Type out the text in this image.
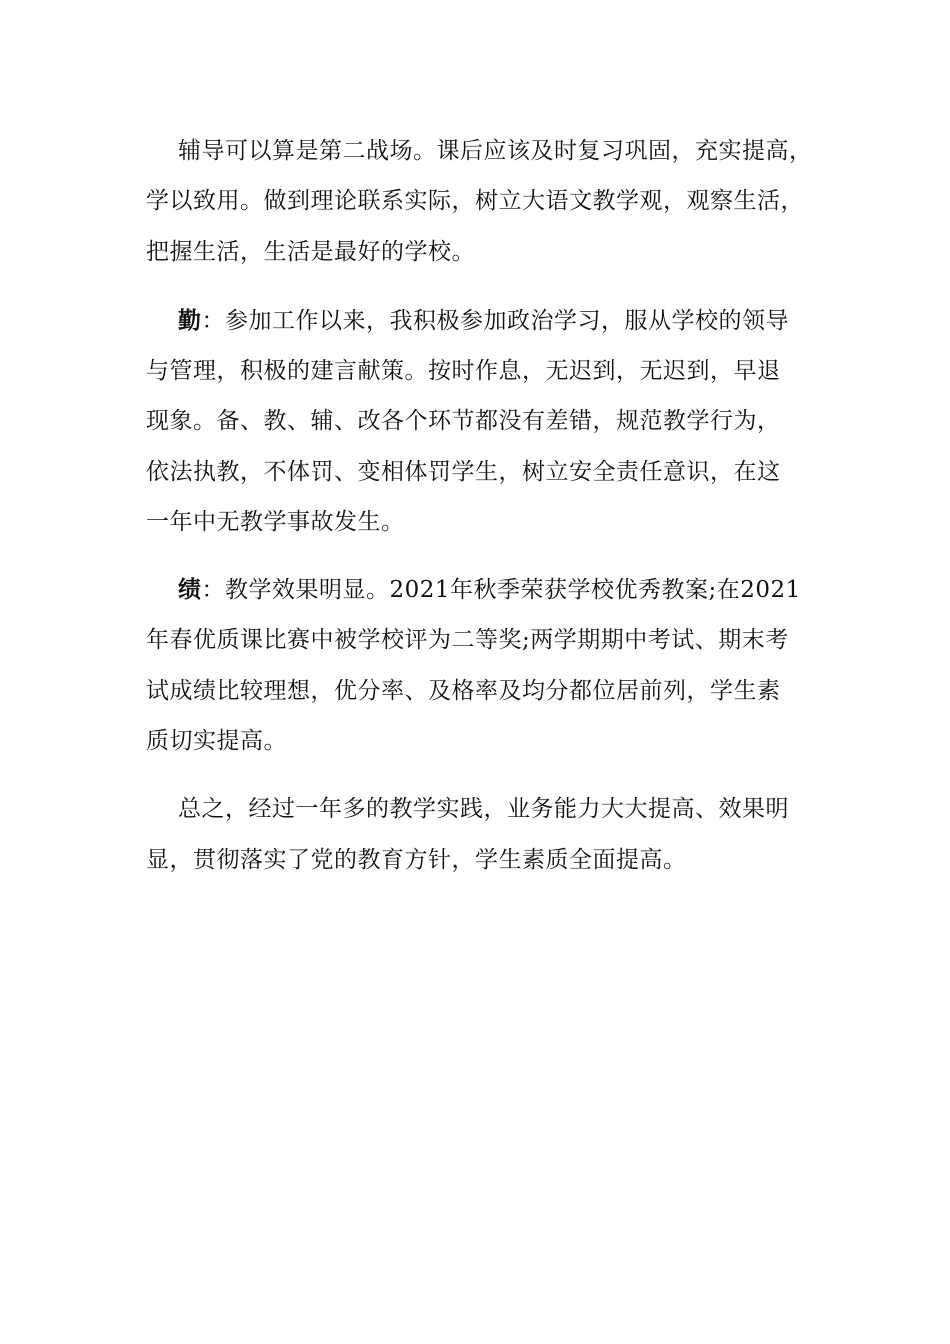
辅导可以算是第二战场。课后应该及时复习巩固，充实提高，
学以致用。做到理论联系实际，树立大语文教学观，观察生活，
把握生活，生活是最好的学校。
勤：参加工作以来，我积极参加政治学习，服从学校的领导
与管理，积极的建言献策。按时作息，无迟到，无迟到，早退
现象。备、教、辅、改各个环节都没有差错，规范教学行为，
依法执教，不体罚、变相体罚学生，树立安全责任意识，在这
一年中无教学事故发生。
绩：教学效果明显。2021年秋季荣获学校优秀教案;在2021
年春优质课比赛中被学校评为二等奖;两学期期中考试、期末考
试成绩比较理想，优分率、及格率及均分都位居前列，学生素
质切实提高。
总之，经过一年多的教学实践，业务能力大大提高、效果明
显，贯彻落实了党的教育方针，学生素质全面提高。
